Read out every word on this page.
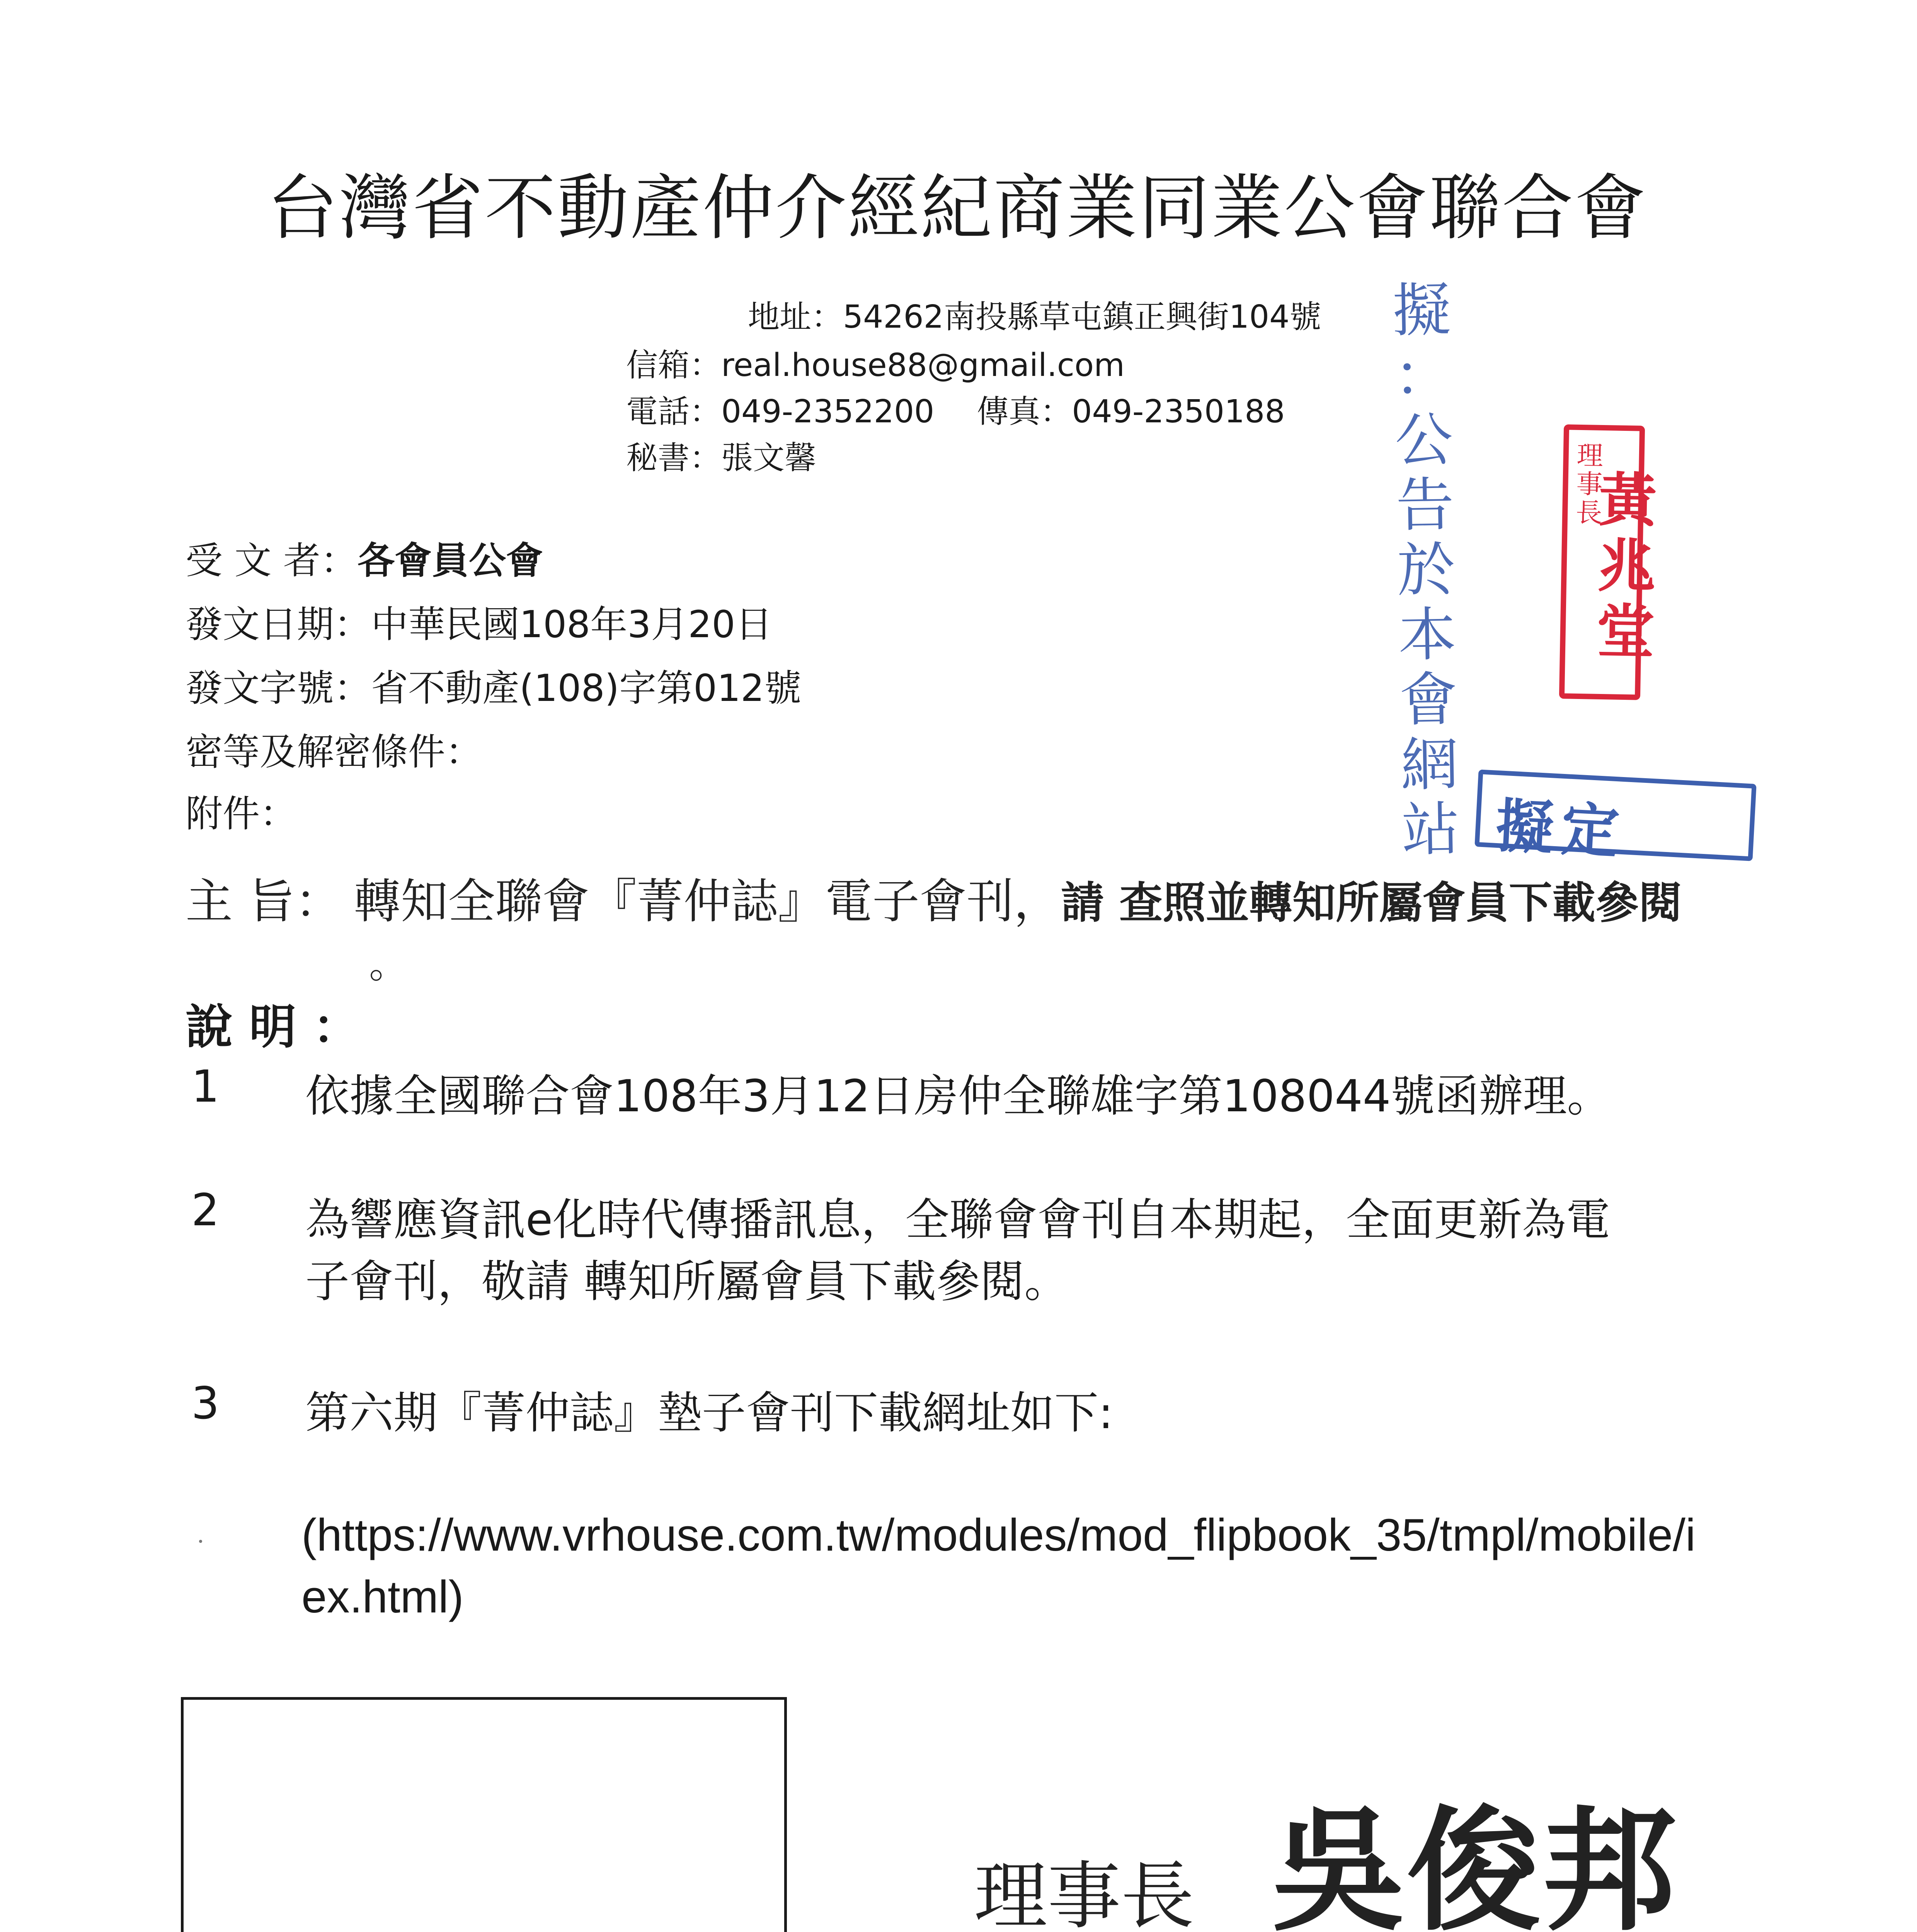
台灣省不動產仲介經紀商業同業公會聯合會
地址：54262南投縣草屯鎮正興街104號
信箱：real.house88@gmail.com
電話：049-2352200 傳真：049-2350188
秘書：張文馨
受 文 者：各會員公會
發文日期：中華民國108年3月20日
發文字號：省不動產(108)字第012號
密等及解密條件：
附件：
主 旨： 轉知全聯會『菁仲誌』電子會刊，請 查照並轉知所屬會員下載參閱
。
說 明 ：
1 依據全國聯合會108年3月12日房仲全聯雄字第108044號函辦理。
2 為響應資訊e化時代傳播訊息，全聯會會刊自本期起，全面更新為電
子會刊，敬請 轉知所屬會員下載參閱。
3 第六期『菁仲誌』墊子會刊下載網址如下:
(https://www.vrhouse.com.tw/modules/mod_flipbook_35/tmpl/mobile/i
ex.html)
理事長 吳俊邦
擬
：
公
告
於
本
會
網
站
理
事
長
黃
兆
堂
擬定
